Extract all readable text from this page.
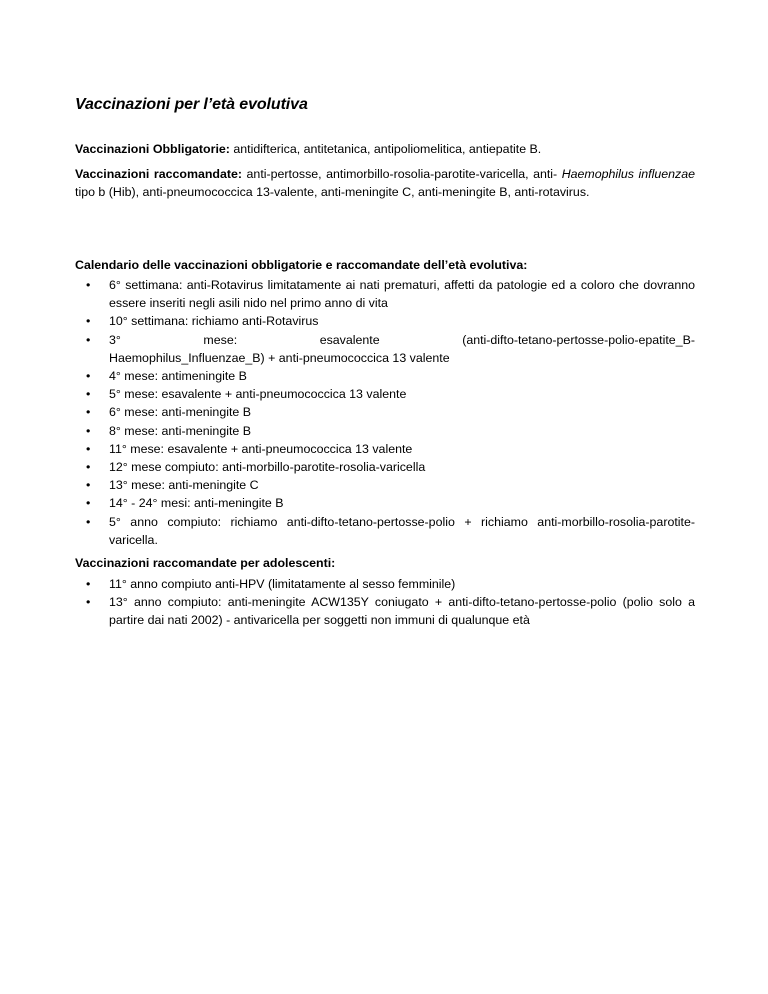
Vaccinazioni per l’età evolutiva

Vaccinazioni Obbligatorie: antidifterica, antitetanica, antipoliomelitica, antiepatite B.

Vaccinazioni raccomandate: anti-pertosse, antimorbillo-rosolia-parotite-varicella, anti- Haemophilus influenzae tipo b (Hib), anti-pneumococcica 13-valente, anti-meningite C, anti-meningite B, anti-rotavirus.

Calendario delle vaccinazioni obbligatorie e raccomandate dell’età evolutiva:
• 6° settimana: anti-Rotavirus limitatamente ai nati prematuri, affetti da patologie ed a coloro che dovranno essere inseriti negli asili nido nel primo anno di vita
• 10° settimana: richiamo anti-Rotavirus
• 3°	mese:	esavalente	(anti-difto-tetano-pertosse-polio-epatite_B-
Haemophilus_Influenzae_B) + anti-pneumococcica 13 valente
• 4° mese: antimeningite B
• 5° mese: esavalente + anti-pneumococcica 13 valente
• 6° mese: anti-meningite B
• 8° mese: anti-meningite B
• 11° mese: esavalente + anti-pneumococcica 13 valente
• 12° mese compiuto: anti-morbillo-parotite-rosolia-varicella
• 13° mese: anti-meningite C
• 14° - 24° mesi: anti-meningite B
• 5° anno compiuto: richiamo anti-difto-tetano-pertosse-polio + richiamo anti-morbillo-rosolia-parotite-varicella.
Vaccinazioni raccomandate per adolescenti:
• 11° anno compiuto anti-HPV (limitatamente al sesso femminile)
• 13° anno compiuto: anti-meningite ACW135Y coniugato + anti-difto-tetano-pertosse-polio (polio solo a partire dai nati 2002) - antivaricella per soggetti non immuni di qualunque età
